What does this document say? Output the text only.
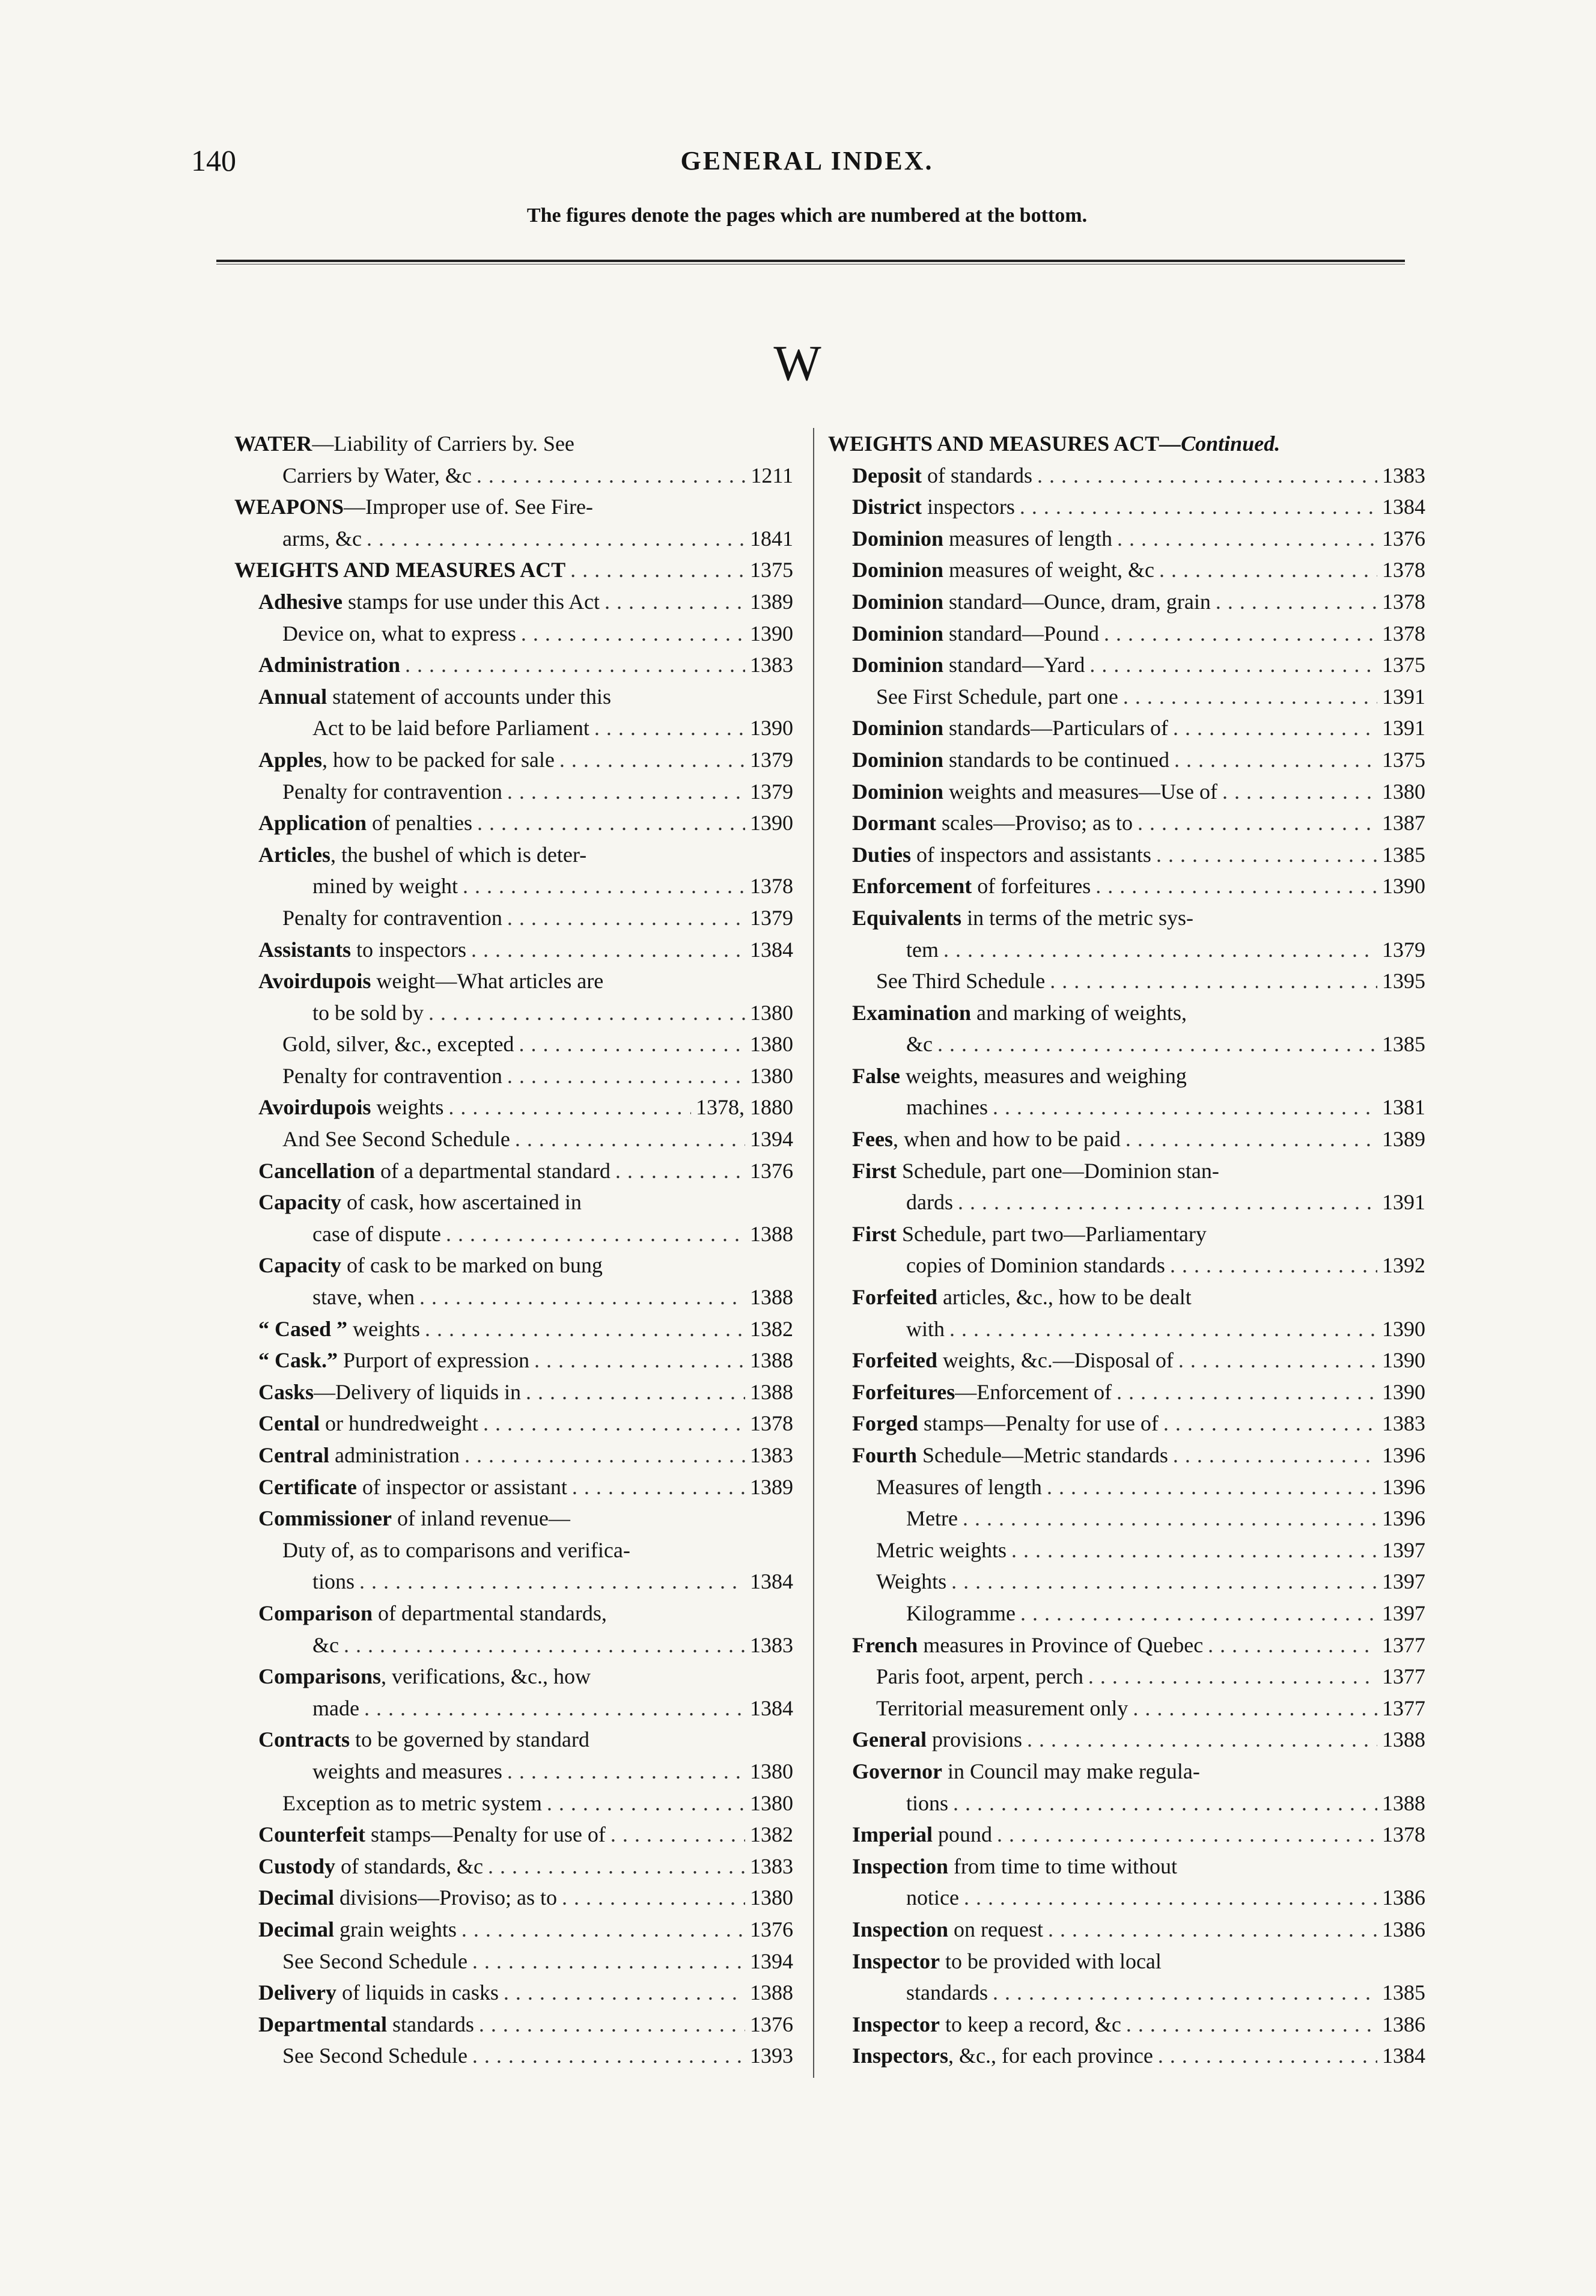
140	GENERAL INDEX.
The figures denote the pages which are numbered at the bottom.
W
WATER—Liability of Carriers by. See
Carriers by Water, &c . . .	1211
WEAPONS—Improper use of. See Fire-
arms, &c . . .	1841
WEIGHTS AND MEASURES ACT . . .	1375
Adhesive stamps for use under this Act . . .	1389
Device on, what to express . . .	1390
Administration . . .	1383
Annual statement of accounts under this
Act to be laid before Parliament . . .	1390
Apples, how to be packed for sale . . .	1379
Penalty for contravention . . .	1379
Application of penalties . . .	1390
Articles, the bushel of which is deter-
mined by weight . . .	1378
Penalty for contravention . . .	1379
Assistants to inspectors . . .	1384
Avoirdupois weight—What articles are
to be sold by . . .	1380
Gold, silver, &c., excepted . . .	1380
Penalty for contravention . . .	1380
Avoirdupois weights . . .	1378, 1880
And See Second Schedule . . .	1394
Cancellation of a departmental standard . . .	1376
Capacity of cask, how ascertained in
case of dispute . . .	1388
Capacity of cask to be marked on bung
stave, when . . .	1388
“ Cased ” weights . . .	1382
“ Cask.” Purport of expression . . .	1388
Casks—Delivery of liquids in . . .	1388
Cental or hundredweight . . .	1378
Central administration . . .	1383
Certificate of inspector or assistant . . .	1389
Commissioner of inland revenue—
Duty of, as to comparisons and verifica-
tions . . .	1384
Comparison of departmental standards,
&c . . .	1383
Comparisons, verifications, &c., how
made . . .	1384
Contracts to be governed by standard
weights and measures . . .	1380
Exception as to metric system . . .	1380
Counterfeit stamps—Penalty for use of . . .	1382
Custody of standards, &c . . .	1383
Decimal divisions—Proviso; as to . . .	1380
Decimal grain weights . . .	1376
See Second Schedule . . .	1394
Delivery of liquids in casks . . .	1388
Departmental standards . . .	1376
See Second Schedule . . .	1393
WEIGHTS AND MEASURES ACT—Continued.
Deposit of standards . . .	1383
District inspectors . . .	1384
Dominion measures of length . . .	1376
Dominion measures of weight, &c . . .	1378
Dominion standard—Ounce, dram, grain . . .	1378
Dominion standard—Pound . . .	1378
Dominion standard—Yard . . .	1375
See First Schedule, part one . . .	1391
Dominion standards—Particulars of . . .	1391
Dominion standards to be continued . . .	1375
Dominion weights and measures—Use of . . .	1380
Dormant scales—Proviso; as to . . .	1387
Duties of inspectors and assistants . . .	1385
Enforcement of forfeitures . . .	1390
Equivalents in terms of the metric sys-
tem . . .	1379
See Third Schedule . . .	1395
Examination and marking of weights,
&c . . .	1385
False weights, measures and weighing
machines . . .	1381
Fees, when and how to be paid . . .	1389
First Schedule, part one—Dominion stan-
dards . . .	1391
First Schedule, part two—Parliamentary
copies of Dominion standards . . .	1392
Forfeited articles, &c., how to be dealt
with . . .	1390
Forfeited weights, &c.—Disposal of . . .	1390
Forfeitures—Enforcement of . . .	1390
Forged stamps—Penalty for use of . . .	1383
Fourth Schedule—Metric standards . . .	1396
Measures of length . . .	1396
Metre . . .	1396
Metric weights . . .	1397
Weights . . .	1397
Kilogramme . . .	1397
French measures in Province of Quebec . . .	1377
Paris foot, arpent, perch . . .	1377
Territorial measurement only . . .	1377
General provisions . . .	1388
Governor in Council may make regula-
tions . . .	1388
Imperial pound . . .	1378
Inspection from time to time without
notice . . .	1386
Inspection on request . . .	1386
Inspector to be provided with local
standards . . .	1385
Inspector to keep a record, &c . . .	1386
Inspectors, &c., for each province . . .	1384
